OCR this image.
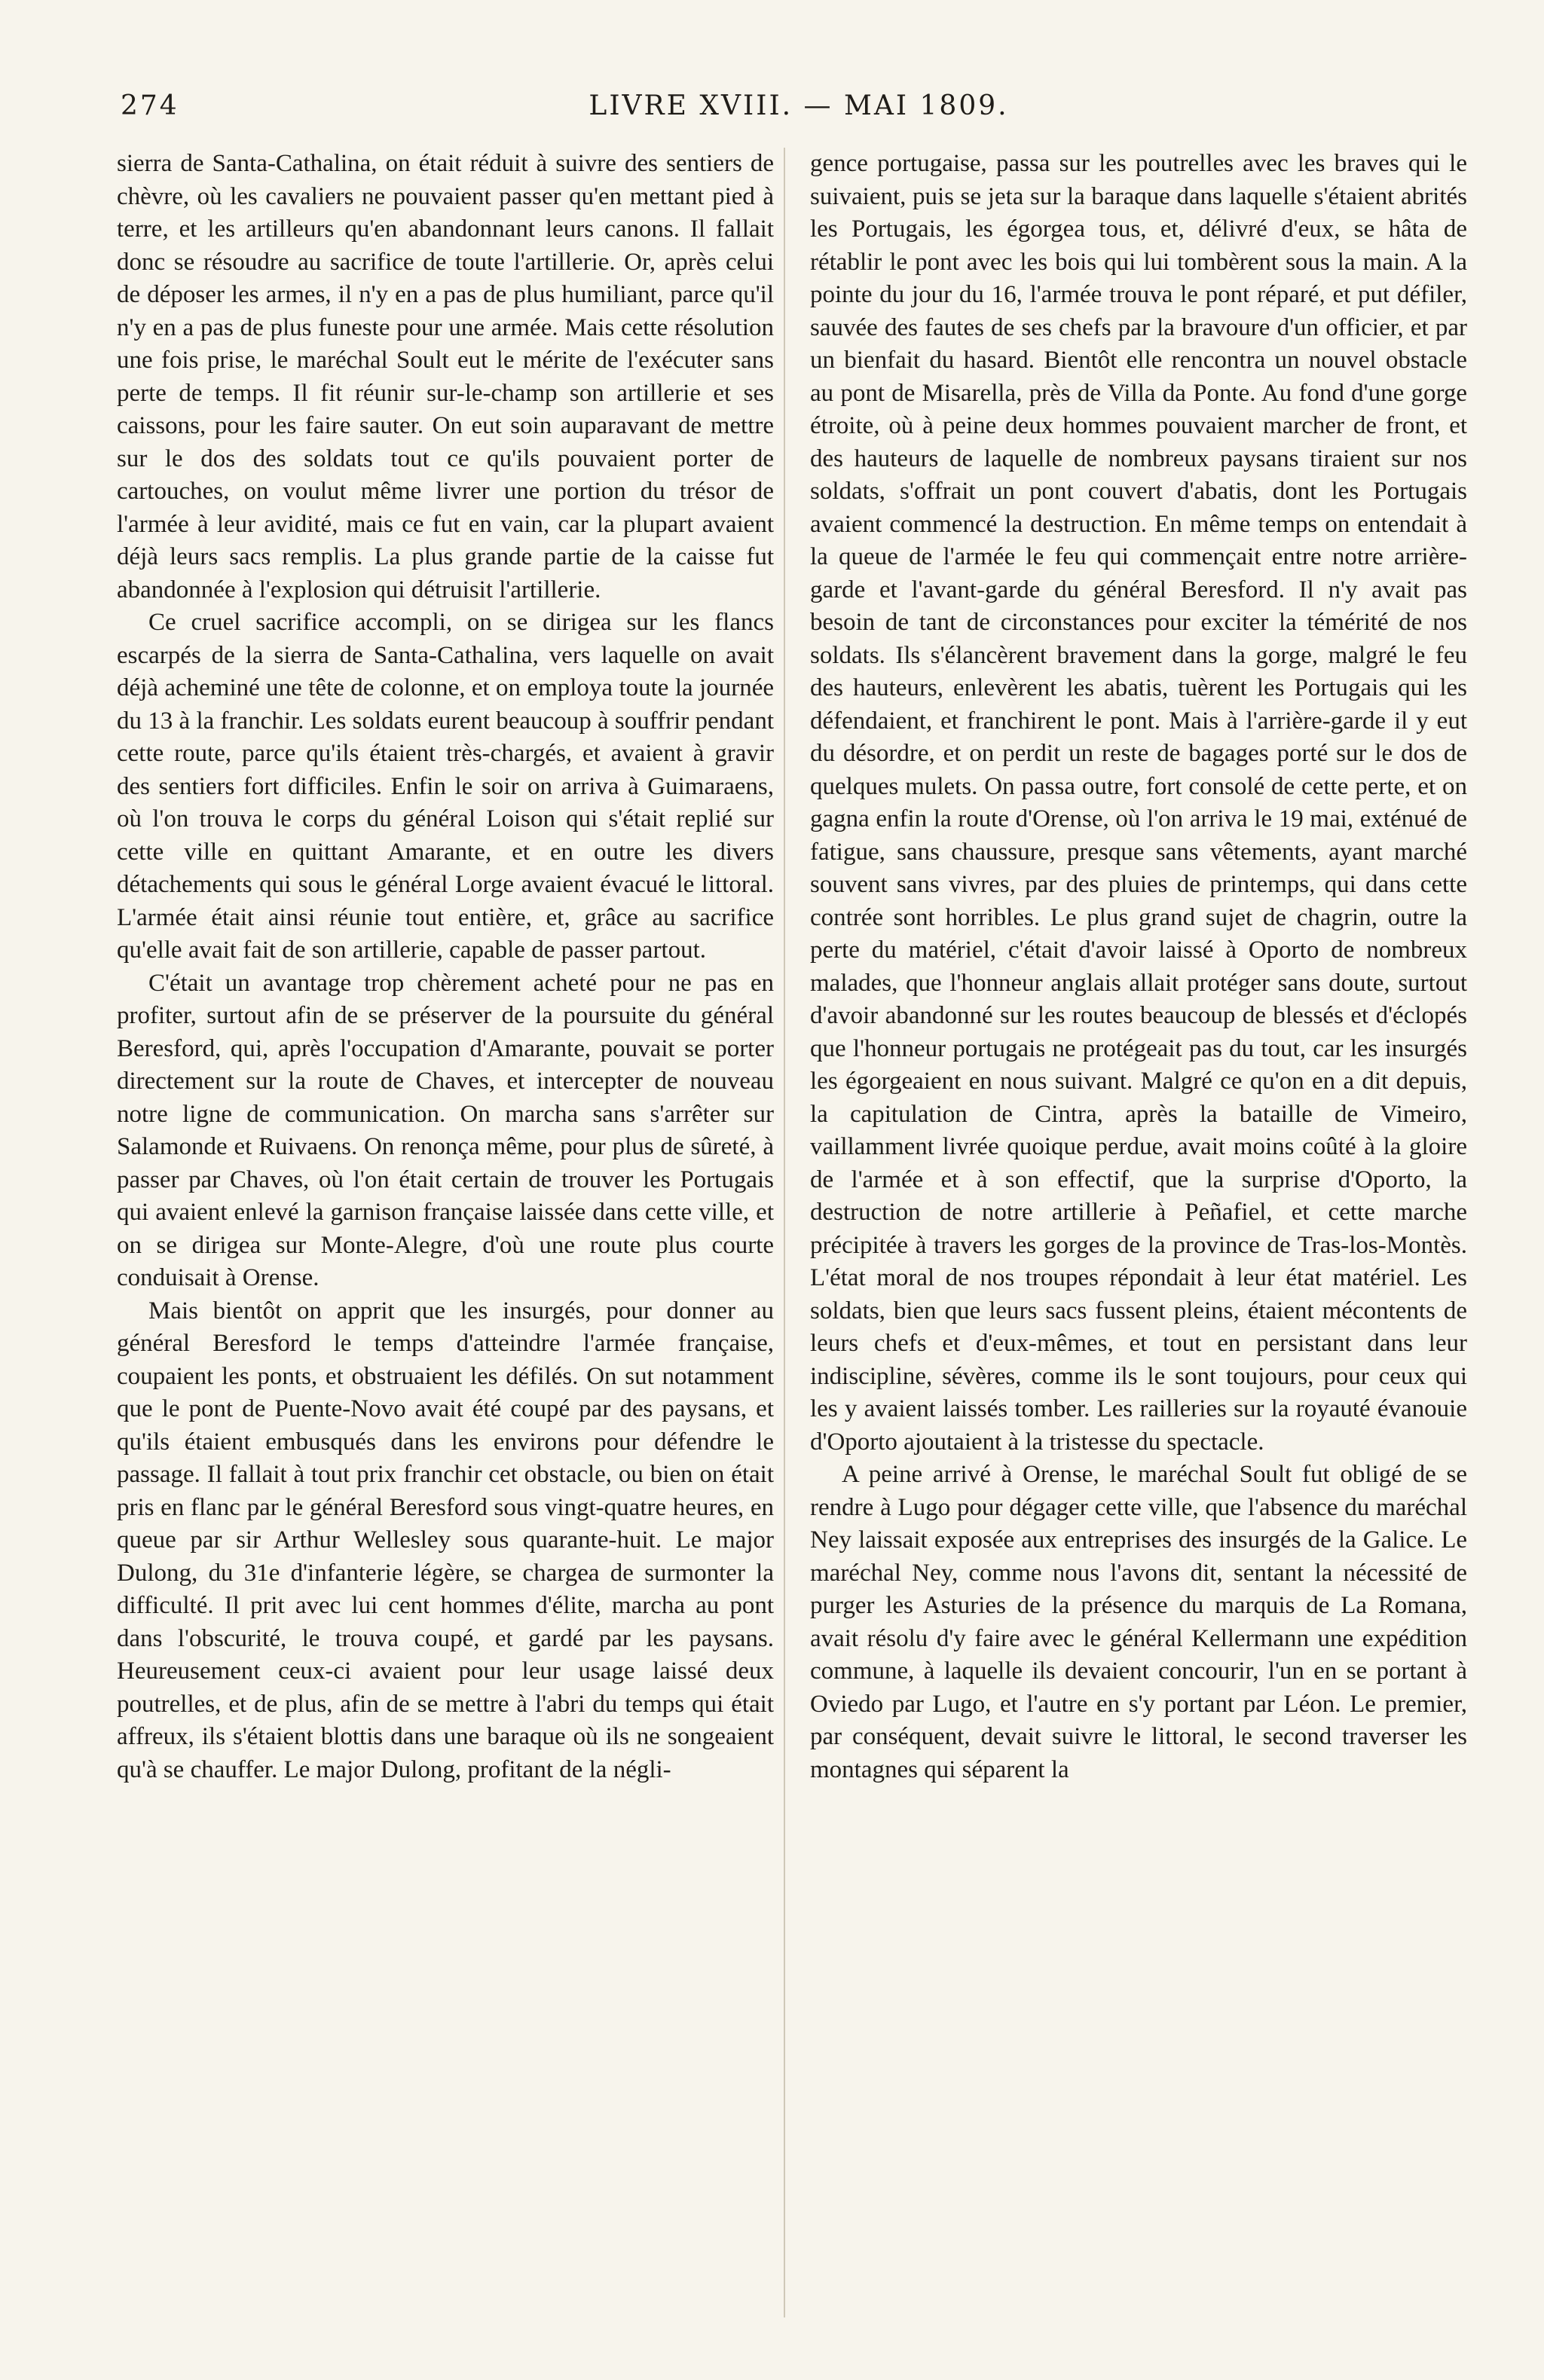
274	LIVRE XVIII. — MAI 1809.

sierra de Santa-Cathalina, on était réduit à suivre des sentiers de chèvre, où les cavaliers ne pouvaient passer qu'en mettant pied à terre, et les artilleurs qu'en abandonnant leurs canons. Il fallait donc se résoudre au sacrifice de toute l'artillerie. Or, après celui de déposer les armes, il n'y en a pas de plus humiliant, parce qu'il n'y en a pas de plus funeste pour une armée. Mais cette résolution une fois prise, le maréchal Soult eut le mérite de l'exécuter sans perte de temps. Il fit réunir sur-le-champ son artillerie et ses caissons, pour les faire sauter. On eut soin auparavant de mettre sur le dos des soldats tout ce qu'ils pouvaient porter de cartouches, on voulut même livrer une portion du trésor de l'armée à leur avidité, mais ce fut en vain, car la plupart avaient déjà leurs sacs remplis. La plus grande partie de la caisse fut abandonnée à l'explosion qui détruisit l'artillerie.

Ce cruel sacrifice accompli, on se dirigea sur les flancs escarpés de la sierra de Santa-Cathalina, vers laquelle on avait déjà acheminé une tête de colonne, et on employa toute la journée du 13 à la franchir. Les soldats eurent beaucoup à souffrir pendant cette route, parce qu'ils étaient très-chargés, et avaient à gravir des sentiers fort difficiles. Enfin le soir on arriva à Guimaraens, où l'on trouva le corps du général Loison qui s'était replié sur cette ville en quittant Amarante, et en outre les divers détachements qui sous le général Lorge avaient évacué le littoral. L'armée était ainsi réunie tout entière, et, grâce au sacrifice qu'elle avait fait de son artillerie, capable de passer partout.

C'était un avantage trop chèrement acheté pour ne pas en profiter, surtout afin de se préserver de la poursuite du général Beresford, qui, après l'occupation d'Amarante, pouvait se porter directement sur la route de Chaves, et intercepter de nouveau notre ligne de communication. On marcha sans s'arrêter sur Salamonde et Ruivaens. On renonça même, pour plus de sûreté, à passer par Chaves, où l'on était certain de trouver les Portugais qui avaient enlevé la garnison française laissée dans cette ville, et on se dirigea sur Monte-Alegre, d'où une route plus courte conduisait à Orense.

Mais bientôt on apprit que les insurgés, pour donner au général Beresford le temps d'atteindre l'armée française, coupaient les ponts, et obstruaient les défilés. On sut notamment que le pont de Puente-Novo avait été coupé par des paysans, et qu'ils étaient embusqués dans les environs pour défendre le passage. Il fallait à tout prix franchir cet obstacle, ou bien on était pris en flanc par le général Beresford sous vingt-quatre heures, en queue par sir Arthur Wellesley sous quarante-huit. Le major Dulong, du 31e d'infanterie légère, se chargea de surmonter la difficulté. Il prit avec lui cent hommes d'élite, marcha au pont dans l'obscurité, le trouva coupé, et gardé par les paysans. Heureusement ceux-ci avaient pour leur usage laissé deux poutrelles, et de plus, afin de se mettre à l'abri du temps qui était affreux, ils s'étaient blottis dans une baraque où ils ne songeaient qu'à se chauffer. Le major Dulong, profitant de la négli-

gence portugaise, passa sur les poutrelles avec les braves qui le suivaient, puis se jeta sur la baraque dans laquelle s'étaient abrités les Portugais, les égorgea tous, et, délivré d'eux, se hâta de rétablir le pont avec les bois qui lui tombèrent sous la main. A la pointe du jour du 16, l'armée trouva le pont réparé, et put défiler, sauvée des fautes de ses chefs par la bravoure d'un officier, et par un bienfait du hasard. Bientôt elle rencontra un nouvel obstacle au pont de Misarella, près de Villa da Ponte. Au fond d'une gorge étroite, où à peine deux hommes pouvaient marcher de front, et des hauteurs de laquelle de nombreux paysans tiraient sur nos soldats, s'offrait un pont couvert d'abatis, dont les Portugais avaient commencé la destruction. En même temps on entendait à la queue de l'armée le feu qui commençait entre notre arrière-garde et l'avant-garde du général Beresford. Il n'y avait pas besoin de tant de circonstances pour exciter la témérité de nos soldats. Ils s'élancèrent bravement dans la gorge, malgré le feu des hauteurs, enlevèrent les abatis, tuèrent les Portugais qui les défendaient, et franchirent le pont. Mais à l'arrière-garde il y eut du désordre, et on perdit un reste de bagages porté sur le dos de quelques mulets. On passa outre, fort consolé de cette perte, et on gagna enfin la route d'Orense, où l'on arriva le 19 mai, exténué de fatigue, sans chaussure, presque sans vêtements, ayant marché souvent sans vivres, par des pluies de printemps, qui dans cette contrée sont horribles. Le plus grand sujet de chagrin, outre la perte du matériel, c'était d'avoir laissé à Oporto de nombreux malades, que l'honneur anglais allait protéger sans doute, surtout d'avoir abandonné sur les routes beaucoup de blessés et d'éclopés que l'honneur portugais ne protégeait pas du tout, car les insurgés les égorgeaient en nous suivant. Malgré ce qu'on en a dit depuis, la capitulation de Cintra, après la bataille de Vimeiro, vaillamment livrée quoique perdue, avait moins coûté à la gloire de l'armée et à son effectif, que la surprise d'Oporto, la destruction de notre artillerie à Peñafiel, et cette marche précipitée à travers les gorges de la province de Tras-los-Montès. L'état moral de nos troupes répondait à leur état matériel. Les soldats, bien que leurs sacs fussent pleins, étaient mécontents de leurs chefs et d'eux-mêmes, et tout en persistant dans leur indiscipline, sévères, comme ils le sont toujours, pour ceux qui les y avaient laissés tomber. Les railleries sur la royauté évanouie d'Oporto ajoutaient à la tristesse du spectacle.

A peine arrivé à Orense, le maréchal Soult fut obligé de se rendre à Lugo pour dégager cette ville, que l'absence du maréchal Ney laissait exposée aux entreprises des insurgés de la Galice. Le maréchal Ney, comme nous l'avons dit, sentant la nécessité de purger les Asturies de la présence du marquis de La Romana, avait résolu d'y faire avec le général Kellermann une expédition commune, à laquelle ils devaient concourir, l'un en se portant à Oviedo par Lugo, et l'autre en s'y portant par Léon. Le premier, par conséquent, devait suivre le littoral, le second traverser les montagnes qui séparent la
